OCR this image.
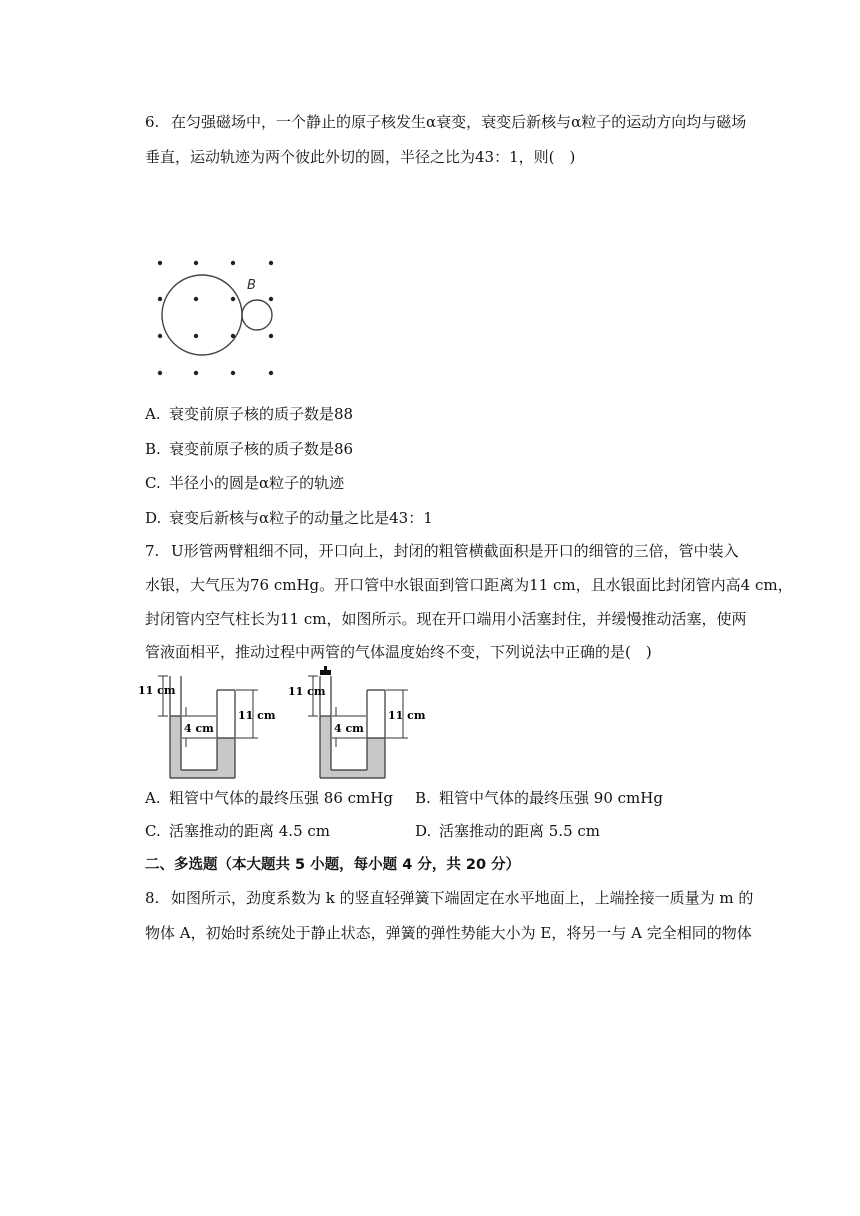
6. 在匀强磁场中，一个静止的原子核发生α衰变，衰变后新核与α粒子的运动方向均与磁场
垂直，运动轨迹为两个彼此外切的圆，半径之比为43：1，则( )
B
A. 衰变前原子核的质子数是88
B. 衰变前原子核的质子数是86
C. 半径小的圆是α粒子的轨迹
D. 衰变后新核与α粒子的动量之比是43：1
7. U形管两臂粗细不同，开口向上，封闭的粗管横截面积是开口的细管的三倍，管中装入
水银，大气压为76 cmHg。开口管中水银面到管口距离为11 cm，且水银面比封闭管内高4 cm，
封闭管内空气柱长为11 cm，如图所示。现在开口端用小活塞封住，并缓慢推动活塞，使两
管液面相平，推动过程中两管的气体温度始终不变，下列说法中正确的是( )
11 cm
4 cm
11 cm
11 cm
4 cm
11 cm
A. 粗管中气体的最终压强 86 cmHg B. 粗管中气体的最终压强 90 cmHg
C. 活塞推动的距离 4.5 cm	D. 活塞推动的距离 5.5 cm
二、多选题（本大题共 5 小题，每小题 4 分，共 20 分）
8. 如图所示，劲度系数为 k 的竖直轻弹簧下端固定在水平地面上，上端拴接一质量为 m 的
物体 A，初始时系统处于静止状态，弹簧的弹性势能大小为 E，将另一与 A 完全相同的物体
